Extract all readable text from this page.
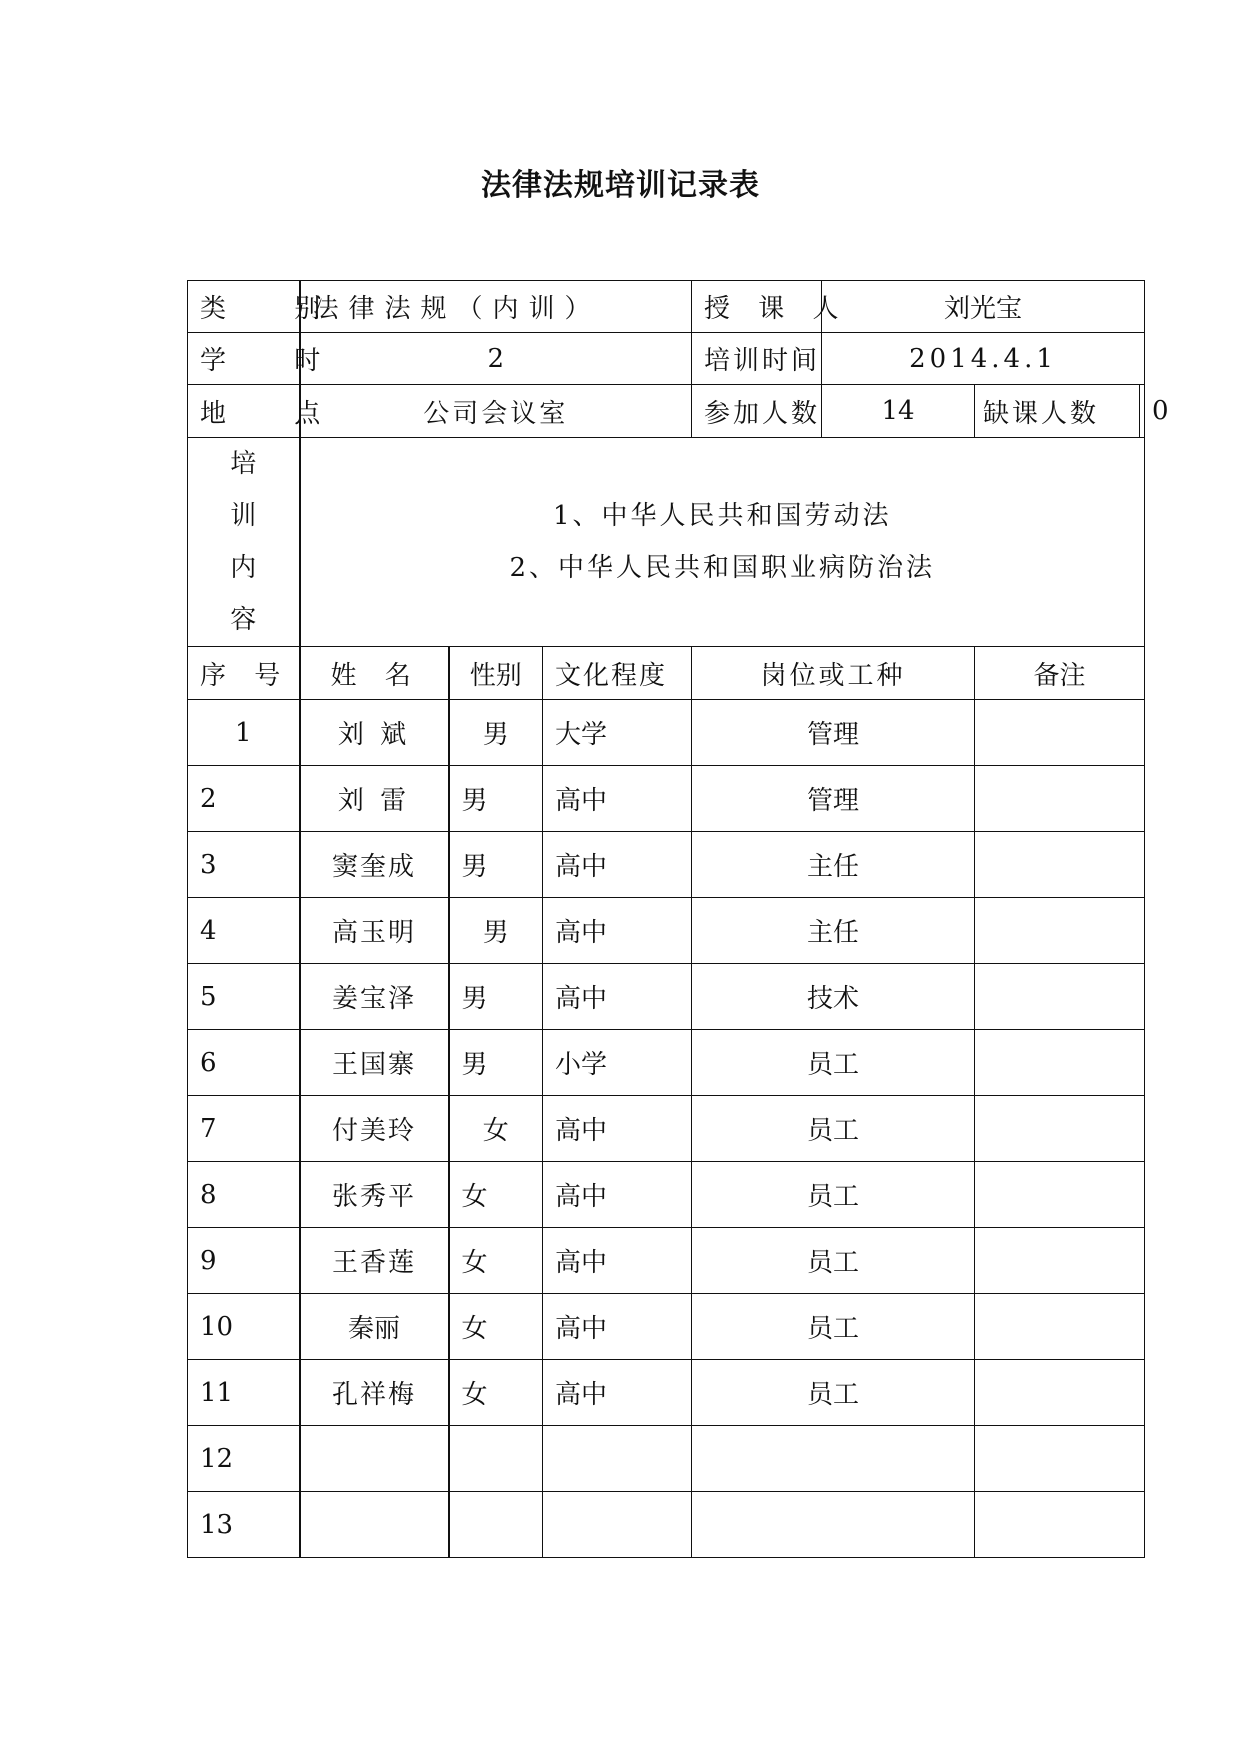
法律法规培训记录表
类 别	法律法规（内训）	授 课 人	刘光宝
学 时	2	培训时间	2014.4.1
地 点	公司会议室	参加人数	14		缺课人数	0

培
训
内
容

1、中华人民共和国劳动法
2、中华人民共和国职业病防治法

序 号	姓 名	性别	文化程度	岗位或工种	备注
1	刘 斌	男	大学	管理	
2	刘 雷	男	高中	管理	
3	窦奎成	男	高中	主任	
4	高玉明	男	高中	主任	
5	姜宝泽	男	高中	技术	
6	王国寨	男	小学	员工	
7	付美玲	女	高中	员工	
8	张秀平	女	高中	员工	
9	王香莲	女	高中	员工	
10	秦丽	女	高中	员工	
11	孔祥梅	女	高中	员工	
12					
13					
